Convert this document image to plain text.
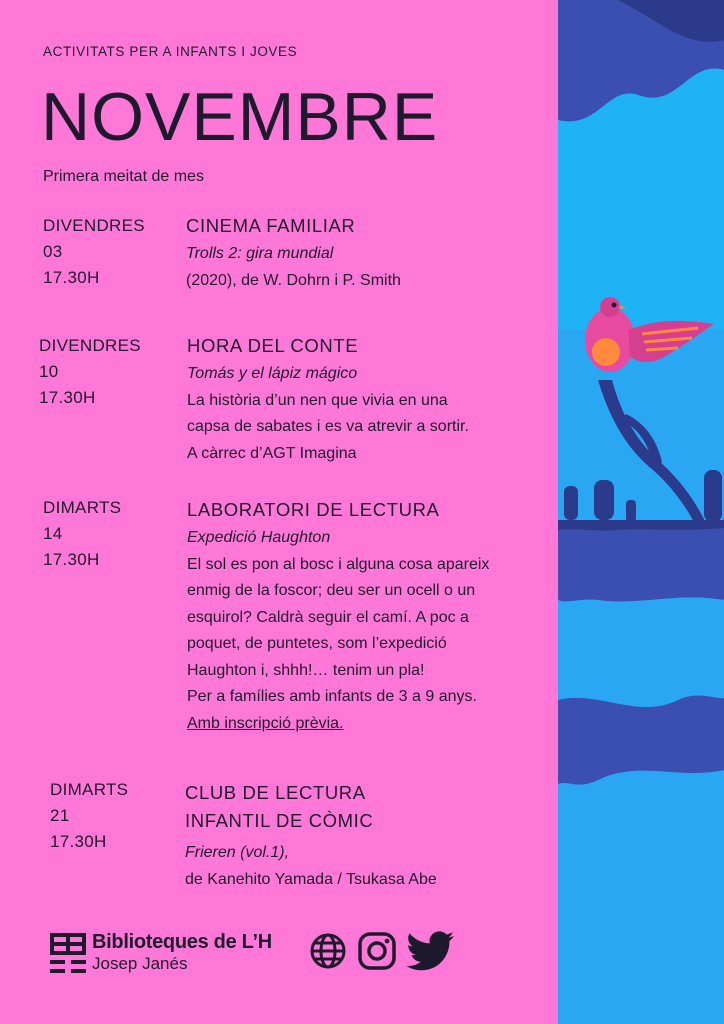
ACTIVITATS PER A INFANTS I JOVES
NOVEMBRE
Primera meitat de mes
DIVENDRES
03
17.30H
CINEMA FAMILIAR
Trolls 2: gira mundial
(2020), de W. Dohrn i P. Smith
DIVENDRES
10
17.30H
HORA DEL CONTE
Tomás y el lápiz mágico
La història d’un nen que vivia en una
capsa de sabates i es va atrevir a sortir.
A càrrec d’AGT Imagina
DIMARTS
14
17.30H
LABORATORI DE LECTURA
Expedició Haughton
El sol es pon al bosc i alguna cosa apareix
enmig de la foscor; deu ser un ocell o un
esquirol? Caldrà seguir el camí. A poc a
poquet, de puntetes, som l’expedició
Haughton i, shhh!… tenim un pla!
Per a famílies amb infants de 3 a 9 anys.
Amb inscripció prèvia.
DIMARTS
21
17.30H
CLUB DE LECTURA
INFANTIL DE CÒMIC
Frieren (vol.1),
de Kanehito Yamada / Tsukasa Abe
Biblioteques de L’H
Josep Janés
